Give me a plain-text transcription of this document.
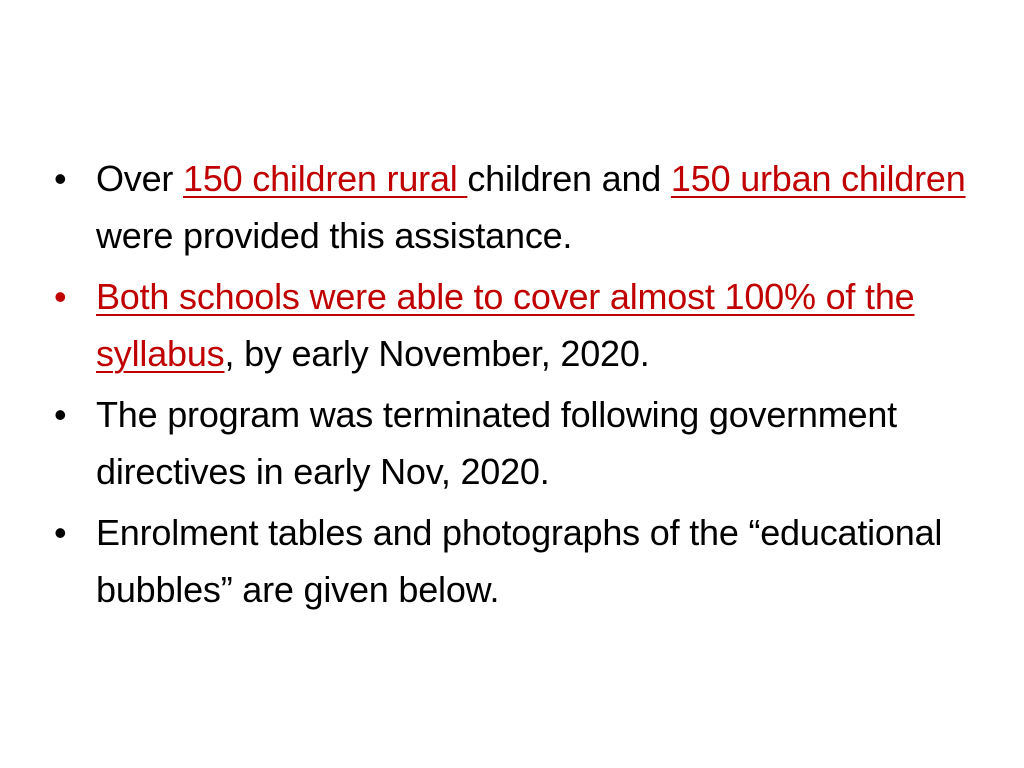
• Over 150 children rural children and 150 urban children were provided this assistance.
• Both schools were able to cover almost 100% of the syllabus, by early November, 2020.
• The program was terminated following government directives in early Nov, 2020.
• Enrolment tables and photographs of the “educational bubbles” are given below.
